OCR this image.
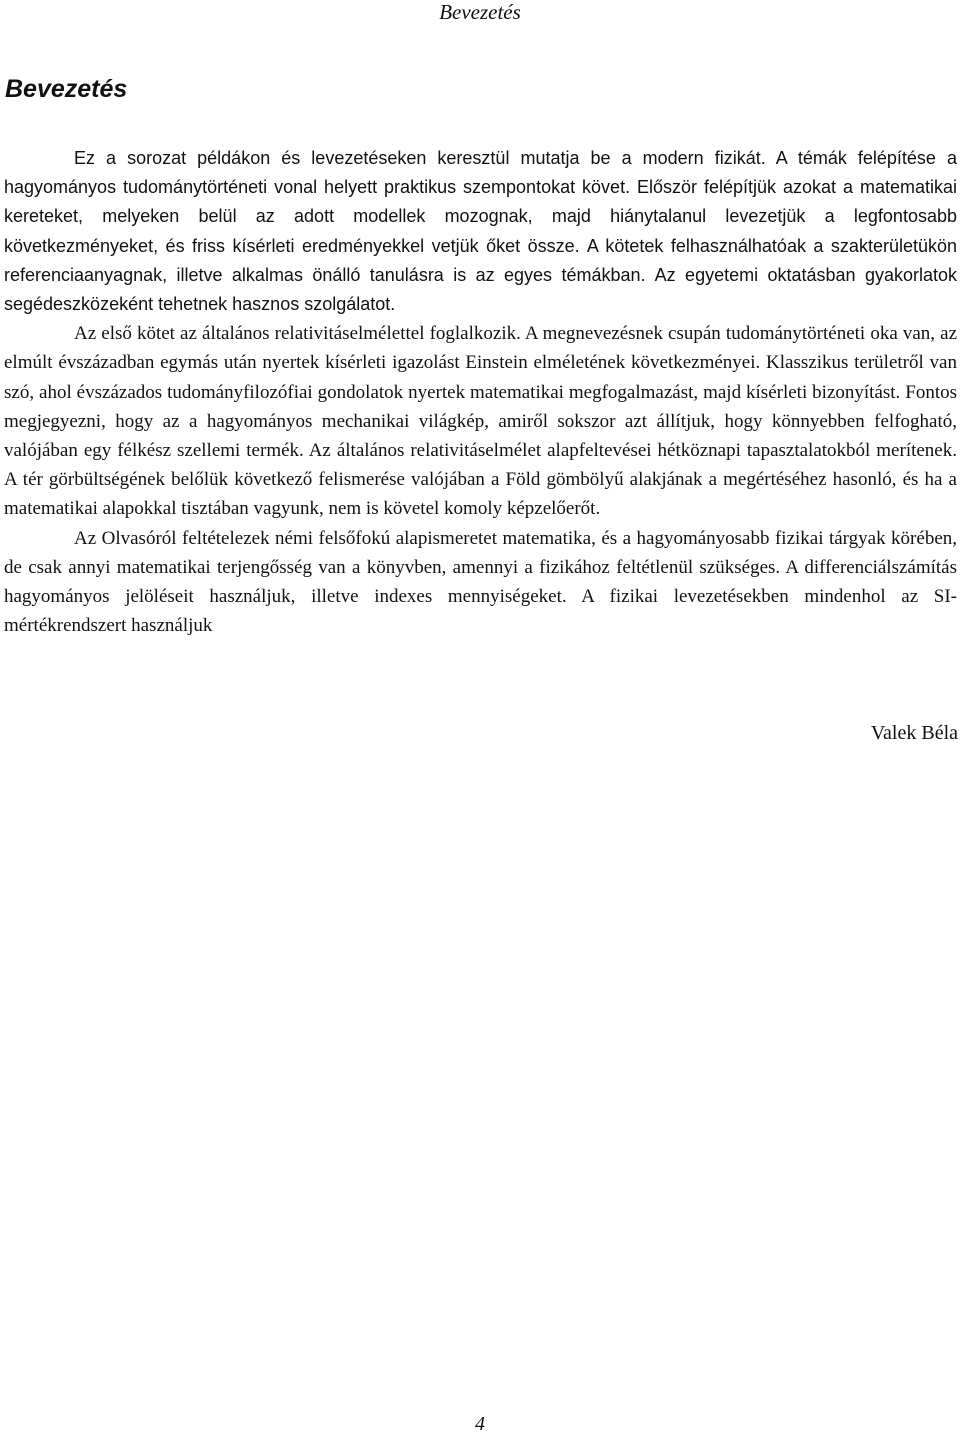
Bevezetés
Bevezetés

Ez a sorozat példákon és levezetéseken keresztül mutatja be a modern fizikát. A témák felépítése a hagyományos tudománytörténeti vonal helyett praktikus szempontokat követ. Először felépítjük azokat a matematikai kereteket, melyeken belül az adott modellek mozognak, majd hiánytalanul levezetjük a legfontosabb következményeket, és friss kísérleti eredményekkel vetjük őket össze. A kötetek felhasználhatóak a szakterületükön referenciaanyagnak, illetve alkalmas önálló tanulásra is az egyes témákban. Az egyetemi oktatásban gyakorlatok segédeszközeként tehetnek hasznos szolgálatot.

Az első kötet az általános relativitáselmélettel foglalkozik. A megnevezésnek csupán tudománytörténeti oka van, az elmúlt évszázadban egymás után nyertek kísérleti igazolást Einstein elméletének következményei. Klasszikus területről van szó, ahol évszázados tudományfilozófiai gondolatok nyertek matematikai megfogalmazást, majd kísérleti bizonyítást. Fontos megjegyezni, hogy az a hagyományos mechanikai világkép, amiről sokszor azt állítjuk, hogy könnyebben felfogható, valójában egy félkész szellemi termék. Az általános relativitáselmélet alapfeltevései hétköznapi tapasztalatokból merítenek. A tér görbültségének belőlük következő felismerése valójában a Föld gömbölyű alakjának a megértéséhez hasonló, és ha a matematikai alapokkal tisztában vagyunk, nem is követel komoly képzelőerőt.

Az Olvasóról feltételezek némi felsőfokú alapismeretet matematika, és a hagyományosabb fizikai tárgyak körében, de csak annyi matematikai terjengősség van a könyvben, amennyi a fizikához feltétlenül szükséges. A differenciálszámítás hagyományos jelöléseit használjuk, illetve indexes mennyiségeket. A fizikai levezetésekben mindenhol az SI-mértékrendszert használjuk

Valek Béla
4
